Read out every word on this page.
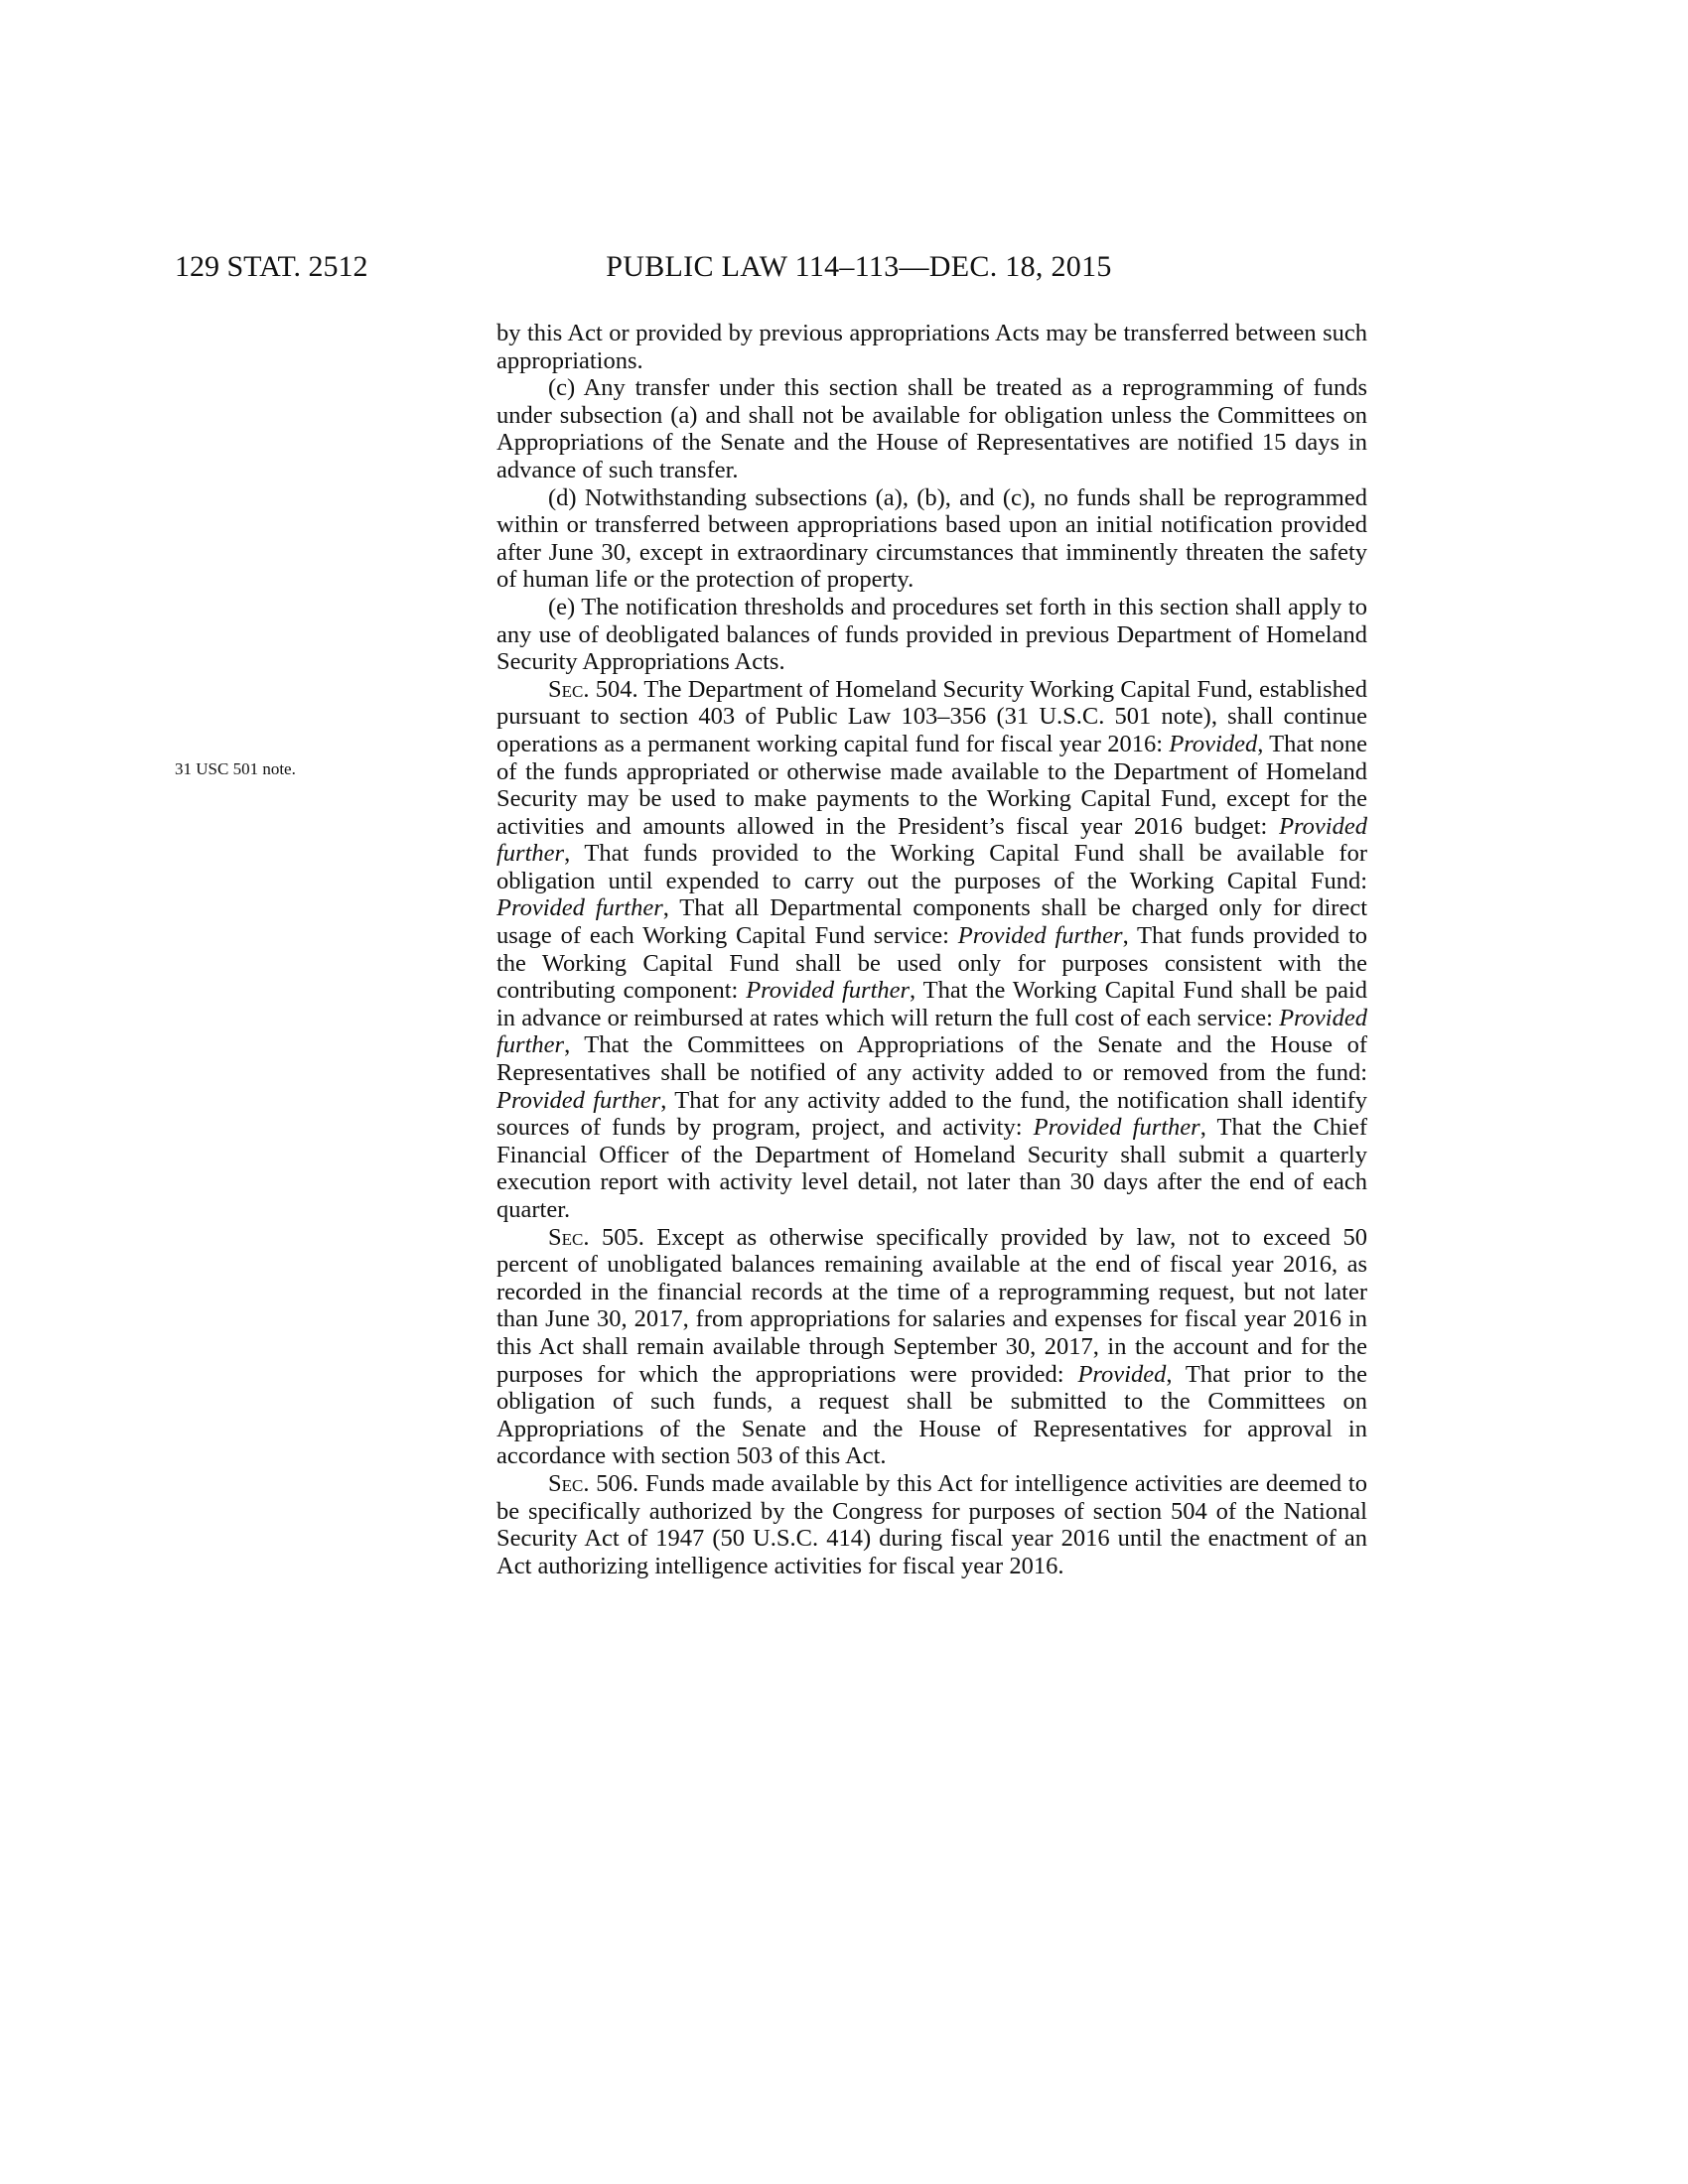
129 STAT. 2512	PUBLIC LAW 114–113—DEC. 18, 2015
31 USC 501 note.

by this Act or provided by previous appropriations Acts may be transferred between such appropriations.

(c) Any transfer under this section shall be treated as a reprogramming of funds under subsection (a) and shall not be available for obligation unless the Committees on Appropriations of the Senate and the House of Representatives are notified 15 days in advance of such transfer.

(d) Notwithstanding subsections (a), (b), and (c), no funds shall be reprogrammed within or transferred between appropriations based upon an initial notification provided after June 30, except in extraordinary circumstances that imminently threaten the safety of human life or the protection of property.

(e) The notification thresholds and procedures set forth in this section shall apply to any use of deobligated balances of funds provided in previous Department of Homeland Security Appropriations Acts.

Sec. 504. The Department of Homeland Security Working Capital Fund, established pursuant to section 403 of Public Law 103–356 (31 U.S.C. 501 note), shall continue operations as a permanent working capital fund for fiscal year 2016: Provided, That none of the funds appropriated or otherwise made available to the Department of Homeland Security may be used to make payments to the Working Capital Fund, except for the activities and amounts allowed in the President’s fiscal year 2016 budget: Provided further, That funds provided to the Working Capital Fund shall be available for obligation until expended to carry out the purposes of the Working Capital Fund: Provided further, That all Departmental components shall be charged only for direct usage of each Working Capital Fund service: Provided further, That funds provided to the Working Capital Fund shall be used only for purposes consistent with the contributing component: Provided further, That the Working Capital Fund shall be paid in advance or reimbursed at rates which will return the full cost of each service: Provided further, That the Committees on Appropriations of the Senate and the House of Representatives shall be notified of any activity added to or removed from the fund: Provided further, That for any activity added to the fund, the notification shall identify sources of funds by program, project, and activity: Provided further, That the Chief Financial Officer of the Department of Homeland Security shall submit a quarterly execution report with activity level detail, not later than 30 days after the end of each quarter.

Sec. 505. Except as otherwise specifically provided by law, not to exceed 50 percent of unobligated balances remaining available at the end of fiscal year 2016, as recorded in the financial records at the time of a reprogramming request, but not later than June 30, 2017, from appropriations for salaries and expenses for fiscal year 2016 in this Act shall remain available through September 30, 2017, in the account and for the purposes for which the appropriations were provided: Provided, That prior to the obligation of such funds, a request shall be submitted to the Committees on Appropriations of the Senate and the House of Representatives for approval in accordance with section 503 of this Act.

Sec. 506. Funds made available by this Act for intelligence activities are deemed to be specifically authorized by the Congress for purposes of section 504 of the National Security Act of 1947 (50 U.S.C. 414) during fiscal year 2016 until the enactment of an Act authorizing intelligence activities for fiscal year 2016.
